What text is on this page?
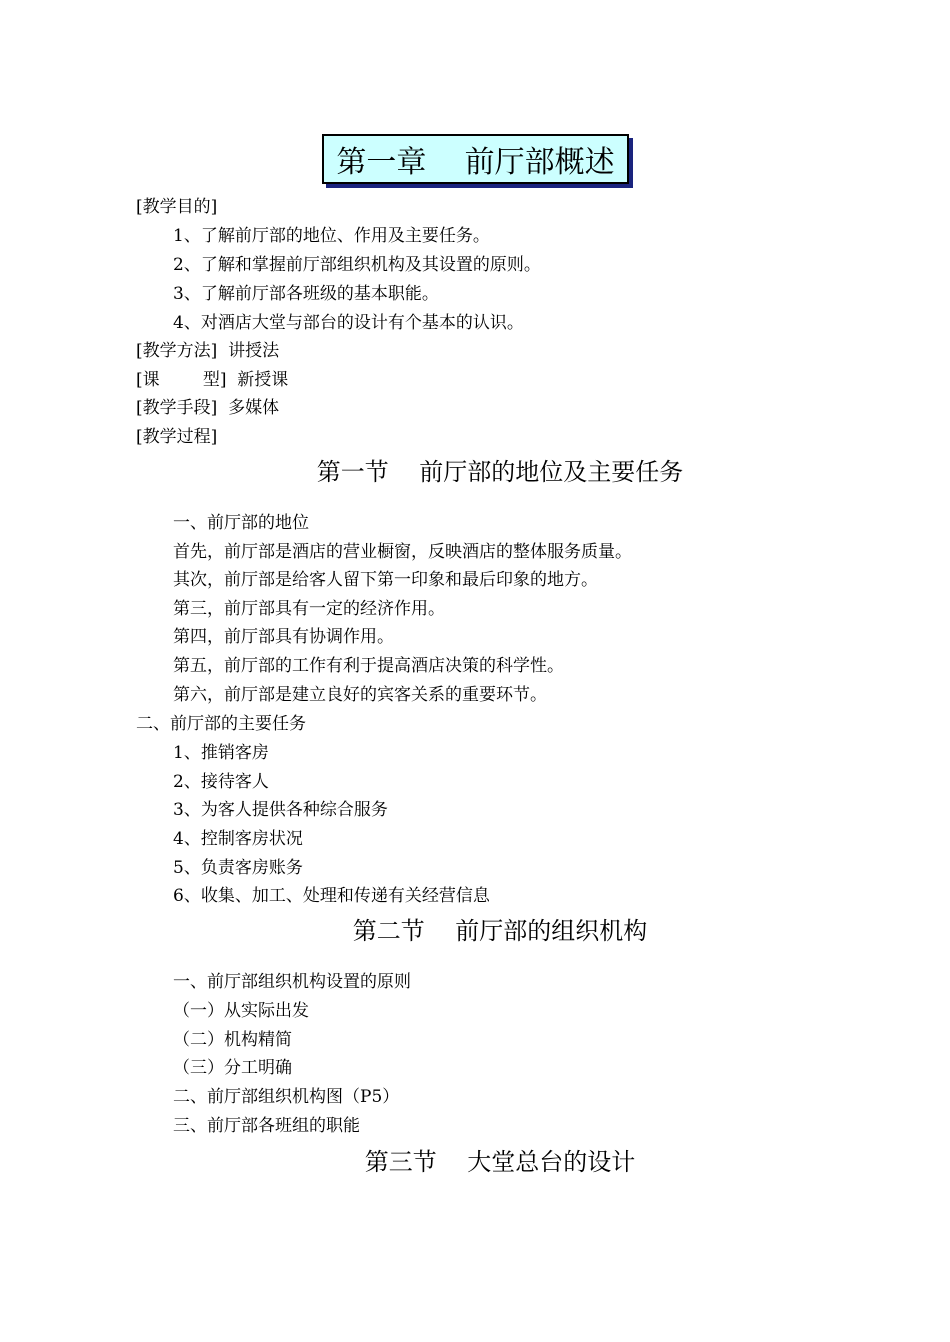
第一章    前厅部概述
[教学目的]
1、了解前厅部的地位、作用及主要任务。
2、了解和掌握前厅部组织机构及其设置的原则。
3、了解前厅部各班级的基本职能。
4、对酒店大堂与部台的设计有个基本的认识。
[教学方法]  讲授法
[课        型]  新授课
[教学手段]  多媒体
[教学过程]
第一节    前厅部的地位及主要任务
一、前厅部的地位
首先，前厅部是酒店的营业橱窗，反映酒店的整体服务质量。
其次，前厅部是给客人留下第一印象和最后印象的地方。
第三，前厅部具有一定的经济作用。
第四，前厅部具有协调作用。
第五，前厅部的工作有利于提高酒店决策的科学性。
第六，前厅部是建立良好的宾客关系的重要环节。
二、前厅部的主要任务
1、推销客房
2、接待客人
3、为客人提供各种综合服务
4、控制客房状况
5、负责客房账务
6、收集、加工、处理和传递有关经营信息
第二节    前厅部的组织机构
一、前厅部组织机构设置的原则
（一）从实际出发
（二）机构精简
（三）分工明确
二、前厅部组织机构图（P5）
三、前厅部各班组的职能
第三节    大堂总台的设计
